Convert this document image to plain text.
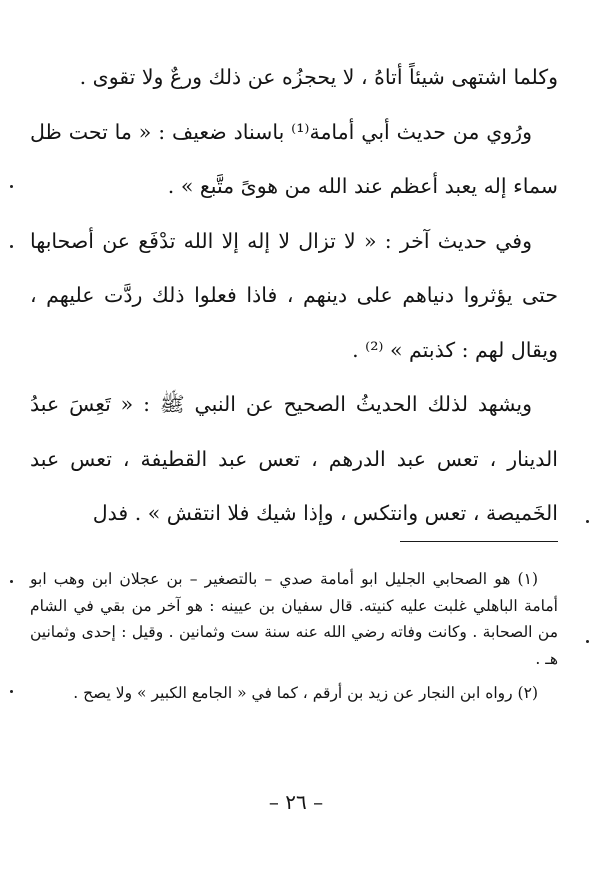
وكلما اشتهى شيئاً أتاهُ ، لا يحجزُه عن ذلك ورعٌ ولا تقوى .

ورُوي من حديث أبي أمامة⁽¹⁾ باسناد ضعيف : « ما تحت ظل سماء إله يعبد أعظم عند الله من هوىً متَّبع » .

وفي حديث آخر : « لا تزال لا إله إلا الله تدْفَع عن أصحابها حتى يؤثروا دنياهم على دينهم ، فاذا فعلوا ذلك ردَّت عليهم ، ويقال لهم : كذبتم » ⁽²⁾ .

ويشهد لذلك الحديثُ الصحيح عن النبي ﷺ : « تَعِسَ عبدُ الدينار ، تعس عبد الدرهم ، تعس عبد القطيفة ، تعس عبد الخَميصة ، تعس وانتكس ، وإذا شيك فلا انتقش » . فدل

(١) هو الصحابي الجليل ابو أمامة صدي – بالتصغير – بن عجلان ابن وهب ابو أمامة الباهلي غلبت عليه كنيته. قال سفيان بن عيينه : هو آخر من بقي في الشام من الصحابة . وكانت وفاته رضي الله عنه سنة ست وثمانين . وقيل : إحدى وثمانين هـ .

(٢) رواه ابن النجار عن زيد بن أرقم ، كما في « الجامع الكبير » ولا يصح .

– ٢٦ –
